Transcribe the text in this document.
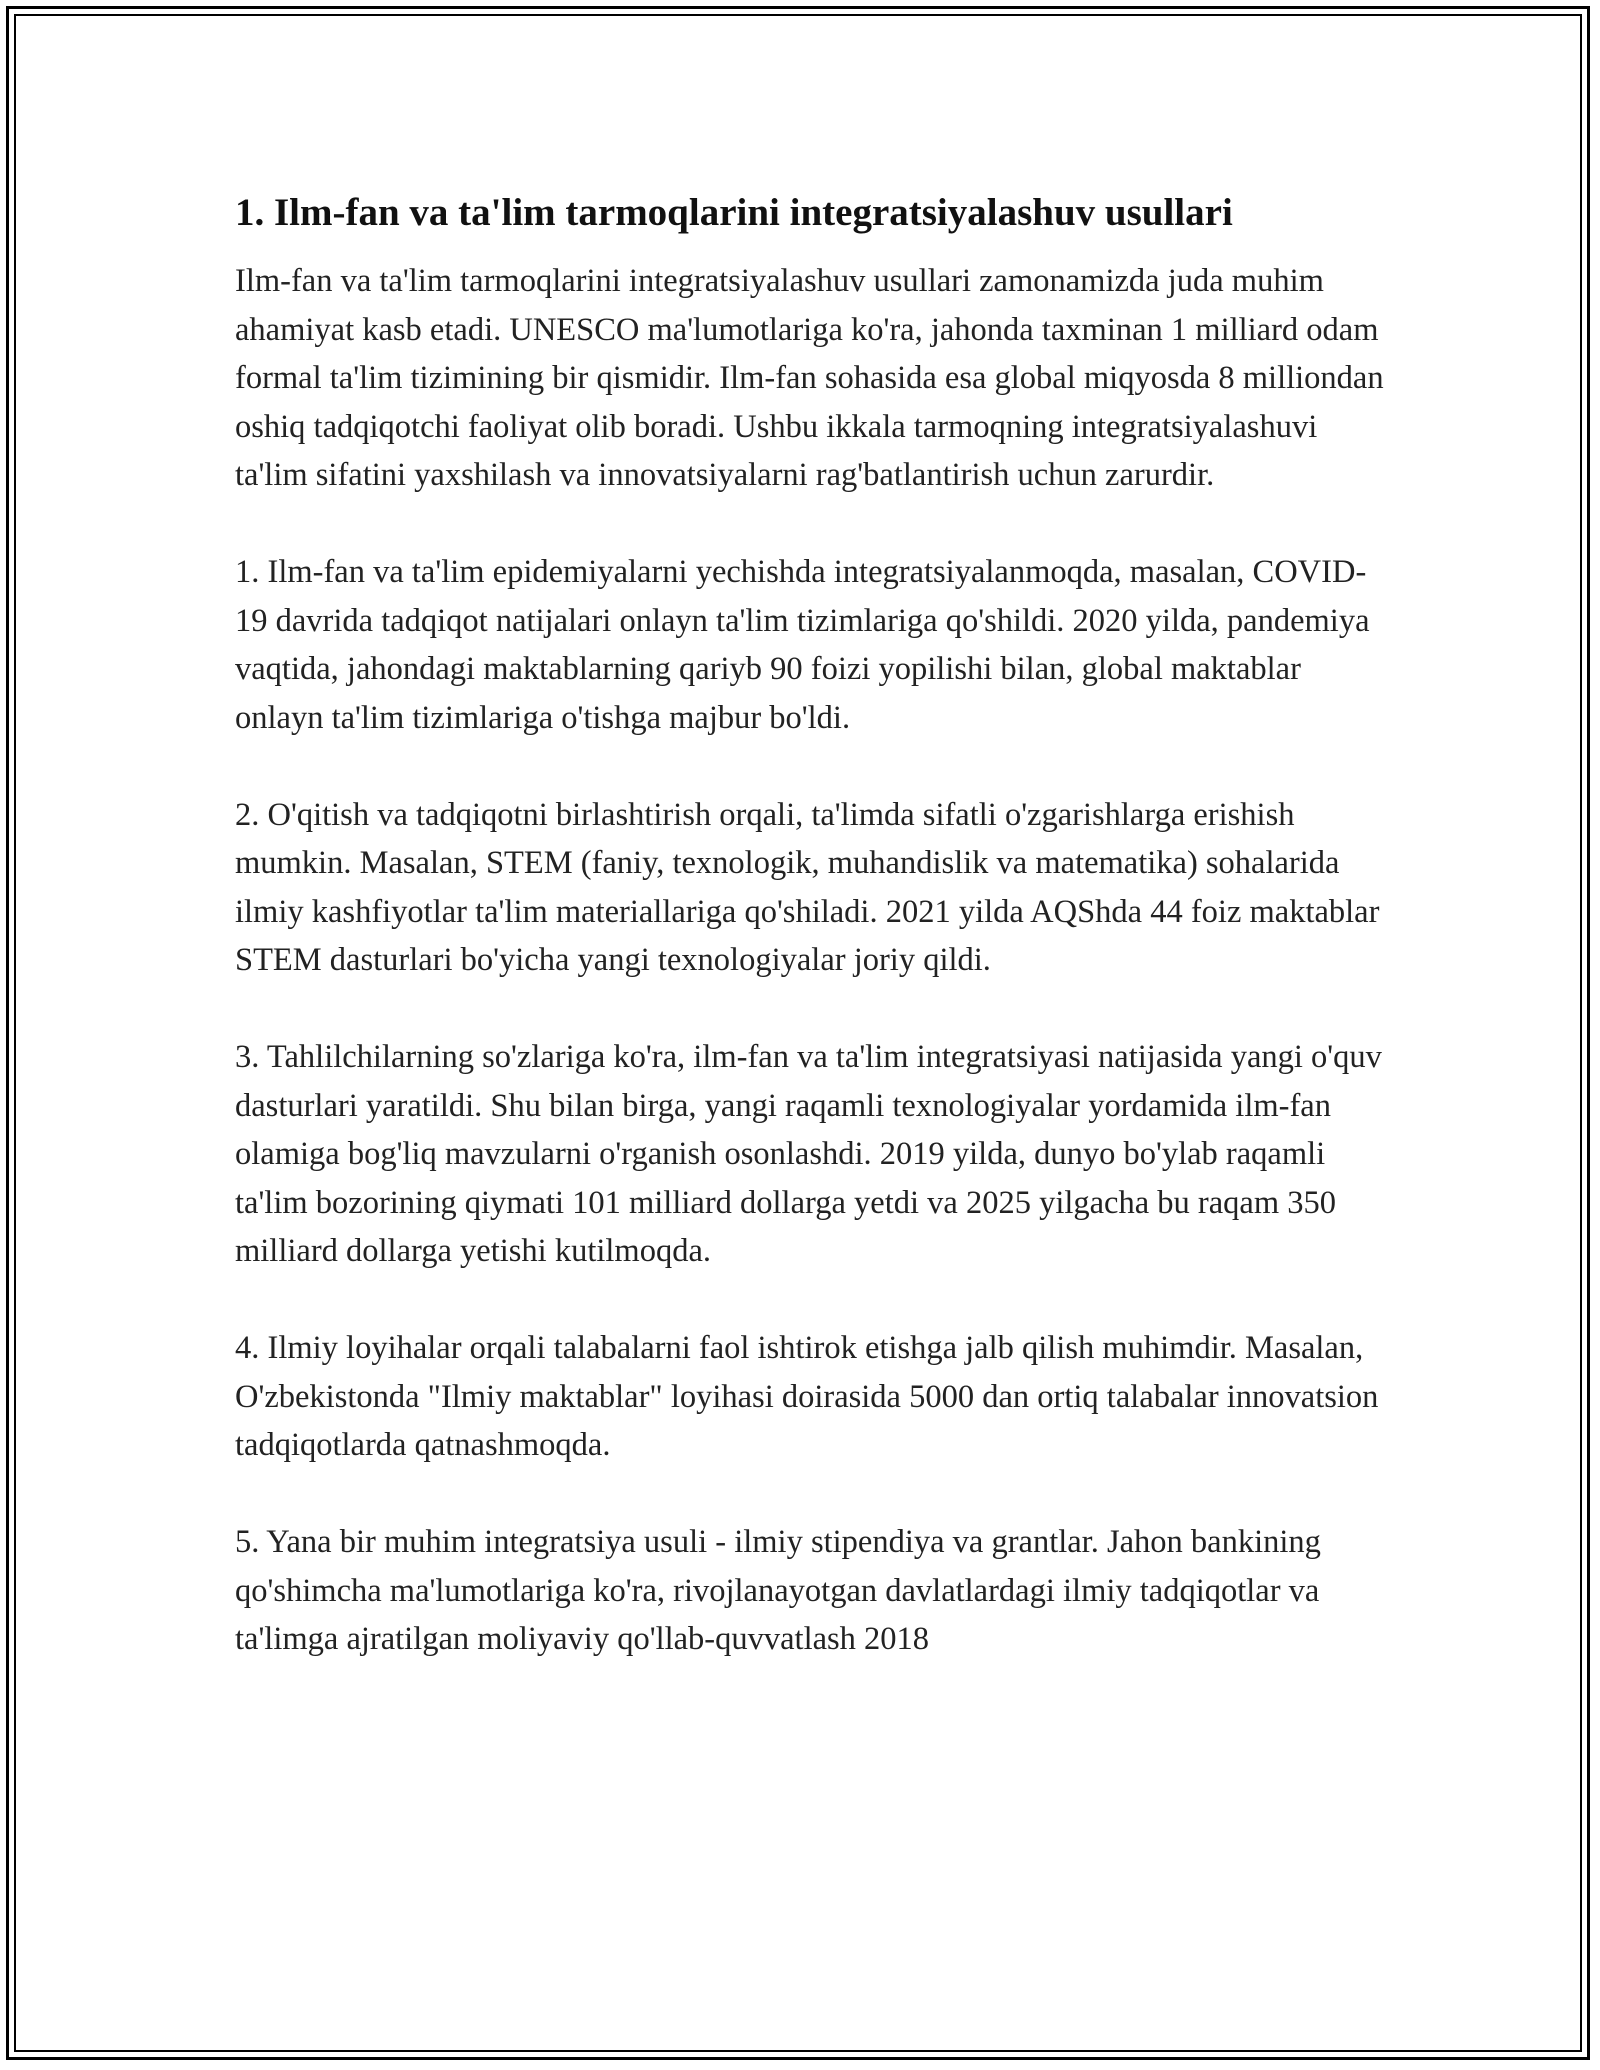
1. Ilm-fan va ta'lim tarmoqlarini integratsiyalashuv usullari

Ilm-fan va ta'lim tarmoqlarini integratsiyalashuv usullari zamonamizda juda muhim ahamiyat kasb etadi. UNESCO ma'lumotlariga ko'ra, jahonda taxminan 1 milliard odam formal ta'lim tizimining bir qismidir. Ilm-fan sohasida esa global miqyosda 8 milliondan oshiq tadqiqotchi faoliyat olib boradi. Ushbu ikkala tarmoqning integratsiyalashuvi ta'lim sifatini yaxshilash va innovatsiyalarni rag'batlantirish uchun zarurdir.

1. Ilm-fan va ta'lim epidemiyalarni yechishda integratsiyalanmoqda, masalan, COVID-19 davrida tadqiqot natijalari onlayn ta'lim tizimlariga qo'shildi. 2020 yilda, pandemiya vaqtida, jahondagi maktablarning qariyb 90 foizi yopilishi bilan, global maktablar onlayn ta'lim tizimlariga o'tishga majbur bo'ldi.

2. O'qitish va tadqiqotni birlashtirish orqali, ta'limda sifatli o'zgarishlarga erishish mumkin. Masalan, STEM (faniy, texnologik, muhandislik va matematika) sohalarida ilmiy kashfiyotlar ta'lim materiallariga qo'shiladi. 2021 yilda AQShda 44 foiz maktablar STEM dasturlari bo'yicha yangi texnologiyalar joriy qildi.

3. Tahlilchilarning so'zlariga ko'ra, ilm-fan va ta'lim integratsiyasi natijasida yangi o'quv dasturlari yaratildi. Shu bilan birga, yangi raqamli texnologiyalar yordamida ilm-fan olamiga bog'liq mavzularni o'rganish osonlashdi. 2019 yilda, dunyo bo'ylab raqamli ta'lim bozorining qiymati 101 milliard dollarga yetdi va 2025 yilgacha bu raqam 350 milliard dollarga yetishi kutilmoqda.

4. Ilmiy loyihalar orqali talabalarni faol ishtirok etishga jalb qilish muhimdir. Masalan, O'zbekistonda "Ilmiy maktablar" loyihasi doirasida 5000 dan ortiq talabalar innovatsion tadqiqotlarda qatnashmoqda.

5. Yana bir muhim integratsiya usuli - ilmiy stipendiya va grantlar. Jahon bankining qo'shimcha ma'lumotlariga ko'ra, rivojlanayotgan davlatlardagi ilmiy tadqiqotlar va ta'limga ajratilgan moliyaviy qo'llab-quvvatlash 2018
